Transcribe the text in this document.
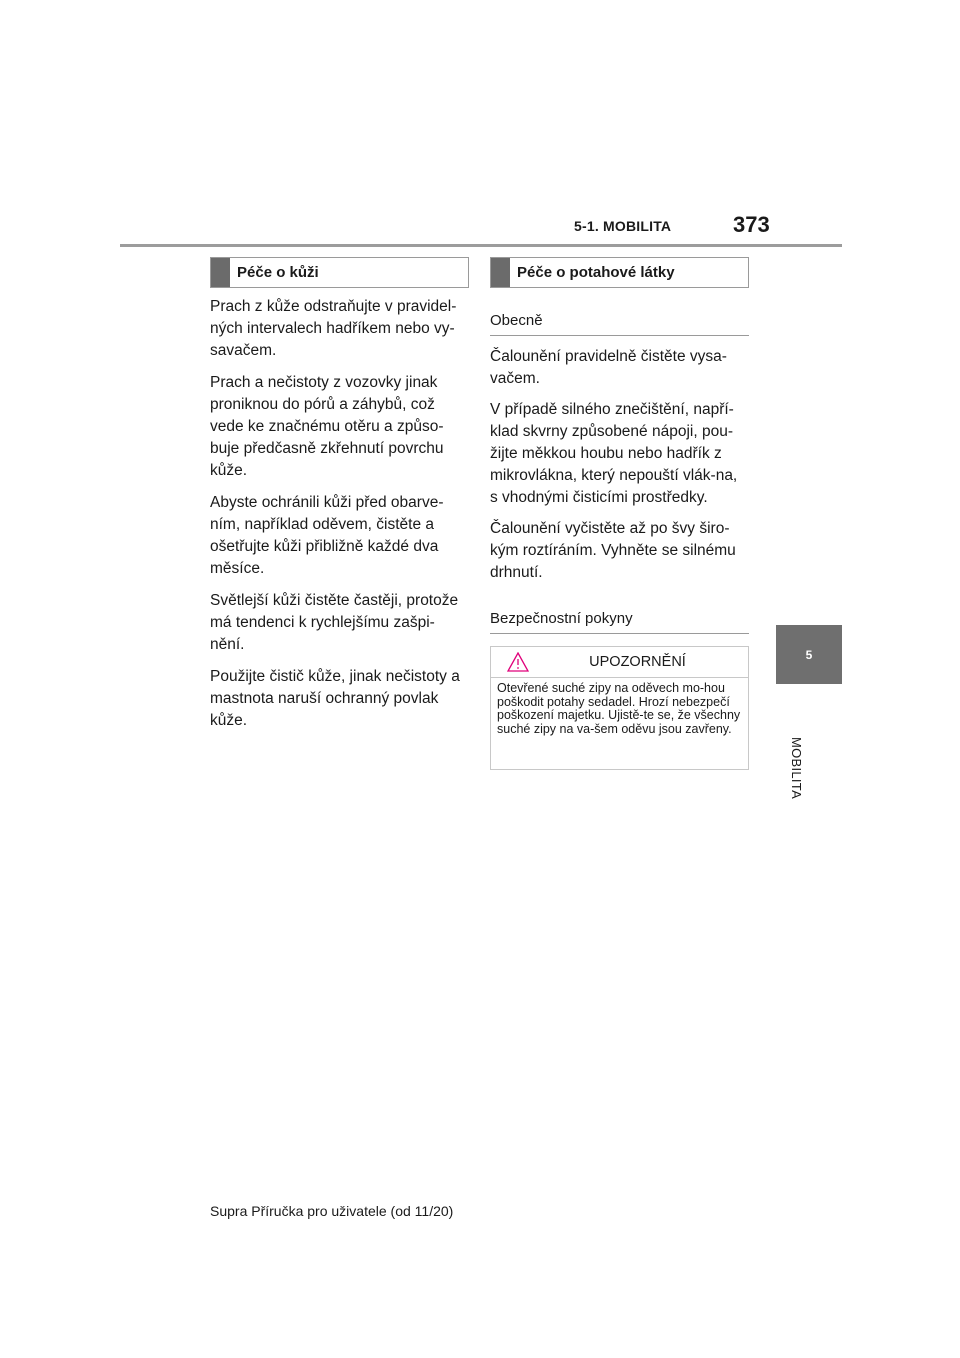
5-1. MOBILITA	373
5
MOBILITA
Péče o kůži

Prach z kůže odstraňujte v pravidel-ných intervalech hadříkem nebo vy-savačem.

Prach a nečistoty z vozovky jinak proniknou do pórů a záhybů, což vede ke značnému otěru a způso-buje předčasně zkřehnutí povrchu kůže.

Abyste ochránili kůži před obarve-ním, například oděvem, čistěte a ošetřujte kůži přibližně každé dva měsíce.

Světlejší kůži čistěte častěji, protože má tendenci k rychlejšímu zašpi-nění.

Použijte čistič kůže, jinak nečistoty a mastnota naruší ochranný povlak kůže.

Péče o potahové látky
Obecně

Čalounění pravidelně čistěte vysa-vačem.

V případě silného znečištění, napří-klad skvrny způsobené nápoji, pou-žijte měkkou houbu nebo hadřík z mikrovlákna, který nepouští vlák-na, s vhodnými čisticími prostředky.

Čalounění vyčistěte až po švy širo-kým roztíráním. Vyhněte se silnému drhnutí.

Bezpečnostní pokyny
UPOZORNĚNÍ
Otevřené suché zipy na oděvech mo-hou poškodit potahy sedadel. Hrozí nebezpečí poškození majetku. Ujistě-te se, že všechny suché zipy na va-šem oděvu jsou zavřeny.
Supra Příručka pro uživatele (od 11/20)
